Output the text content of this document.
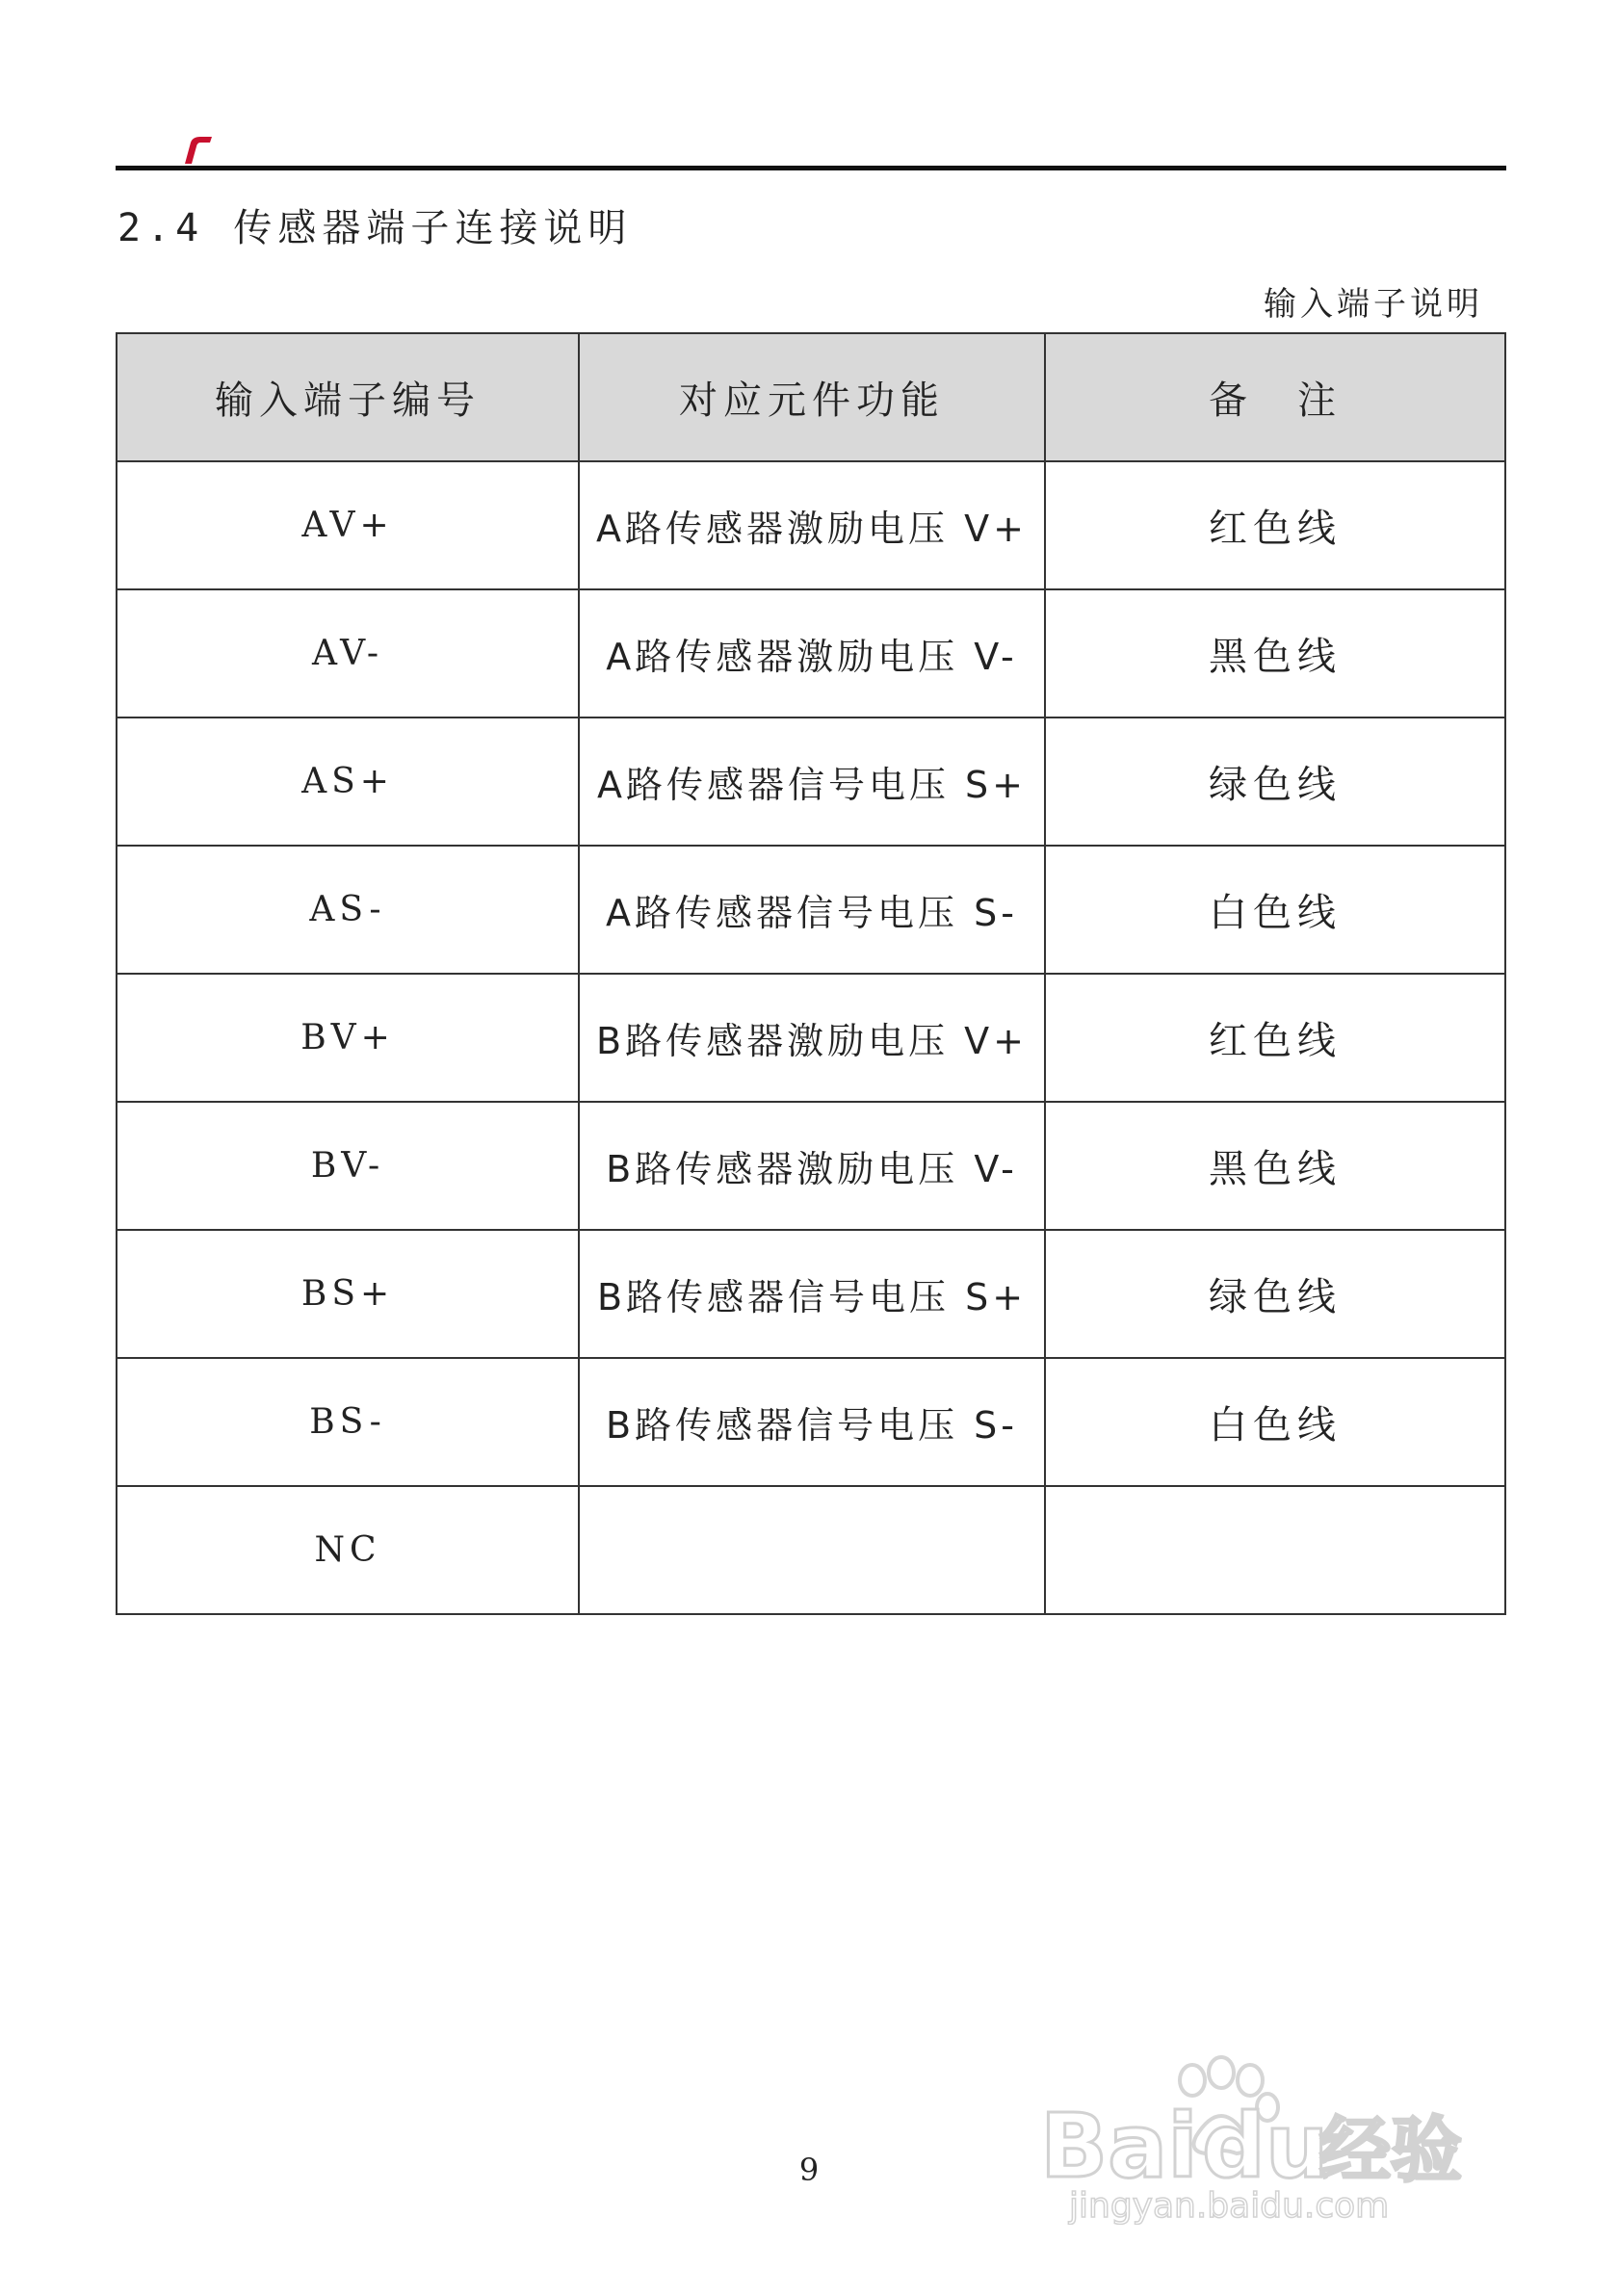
2.4 传感器端子连接说明
输入端子说明
输入端子编号	对应元件功能	备　注
AV+	A路传感器激励电压 V+	红色线
AV-	A路传感器激励电压 V-	黑色线
AS+	A路传感器信号电压 S+	绿色线
AS-	A路传感器信号电压 S-	白色线
BV+	B路传感器激励电压 V+	红色线
BV-	B路传感器激励电压 V-	黑色线
BS+	B路传感器信号电压 S+	绿色线
BS-	B路传感器信号电压 S-	白色线
NC		
9	Bai du
经验
jingyan.baidu.com
